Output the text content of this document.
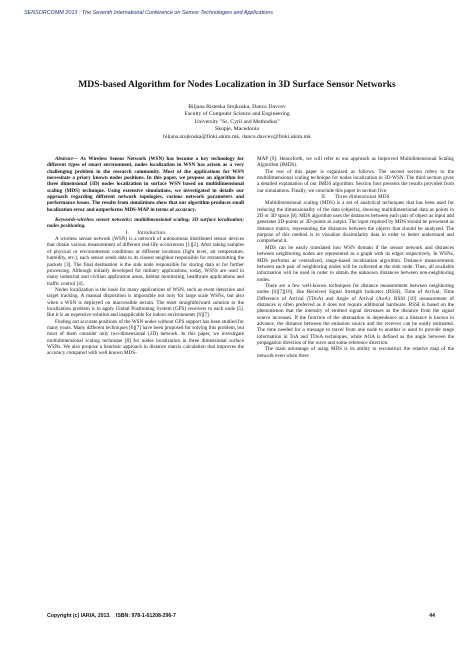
SENSORCOMM 2013 : The Seventh International Conference on Sensor Technologies and Applications
MDS-based Algorithm for Nodes Localization in 3D Surface Sensor Networks
Biljana Risteska Stojkoska, Danco Davcev
Faculty of Computer Science and Engineering
University "Ss. Cyril and Methodius"
Skopje, Macedonia
biljana.stojkoska@finki.ukim.mk, danco.davcev@finki.ukim.mk

Abstract— As Wireless Sensor Network (WSN) has become a key technology for different types of smart environment, nodes localization in WSN has arisen as a very challenging problem in the research community. Most of the applications for WSN necessitate a priory known nodes positions. In this paper, we propose an algorithm for three dimensional (3D) nodes localization in surface WSN based on multidimensional scaling (MDS) technique. Using extensive simulations, we investigated in details our approach regarding different network topologies, various network parameters and performance issues. The results from simulations show that our algorithm produces small localization error and outperforms MDS-MAP in terms of accuracy.

Keywords-wireless sensor networks; multidimensional scaling; 3D surface localization; nodes positioning.

I.  Introduction

A wireless sensor network (WSN) is a network of autonomous distributed sensor devices that obtain various measurement of different real-life occurrences [1][2]. After taking samples of physical or environmental conditions at different locations (light level, air temperature, humidity, etc.), each sensor sends data to its closest neighbor responsible for retransmitting the packets [3]. The final destination is the sink node responsible for storing data or for further processing. Although initially developed for military applications, today, WSNs are used in many industrial and civilian application areas, habitat monitoring, healthcare applications and traffic control [4].

Nodes localization is the basis for many applications of WSN, such as event detection and target tracking. A manual disposition is impossible not only for large scale WSNs, but also when a WSN is deployed on inaccessible terrain. The most straightforward solution to the localization problem is to apply Global Positioning System (GPS) receivers to each node [5]. But it is an expensive solution and inapplicable for indoor environments [6][7].

Finding out accurate positions of the WSN nodes without GPS support has been studied for many years. Many different techniques [6][7] have been proposed for solving this problem, but most of them consider only two-dimensional (2D) network. In this paper, we investigate multidimensional scaling technique [8] for nodes localization in three dimensional surface WSNs. We also propose a heuristic approach in distance matrix calculation that improves the accuracy compared with well known MDS-

MAP [9]. Henceforth, we will refer to our approach as Improved Multidimensional Scaling Algorithm (IMDS).

The rest of this paper is organized as follows. The second section refers to the multidimensional scaling technique for nodes localization in 3D-WSN. The third section gives a detailed explanation of our IMDS algorithm. Section four presents the results provided from our simulations. Finally, we conclude this paper in section five.

II.  Three dimensional MDS

Multidimensional scaling (MDS) is a set of analytical techniques that has been used for reducing the dimensionality of the data (objects), showing multidimensional data as points in 2D or 3D space [8]. MDS algorithm uses the distances between each pair of object as input and generates 2D-points or 3D-points as output. The input required by MDS should be presented as distance matrix, representing the distances between the objects that should be analyzed. The purpose of this method is to visualize dissimilarity data in order to better understand and comprehend it.

MDS can be easily translated into WSN domain if the sensor network and distances between neighboring nodes are represented as a graph with its edges respectively. In WSNs, MDS performs as centralized, range-based localization algorithm. Distance measurements between each pair of neighboring nodes will be collected at the sink node. Then, all available information will be used in order to obtain the unknown distances between non-neighboring nodes.

There are a few well-known techniques for distance measurement between neighboring nodes [6][7][10], like Received Signal Strength Indicator (RSSI), Time of Arrival, Time Difference of Arrival (TDoA) and Angle of Arrival (AoA). RSSI [10] measurement of distances is often preferred as it does not require additional hardware. RSSI is based on the phenomenon that the intensity of emitted signal decreases as the distance from the signal source increases. If the function of the attenuation in dependence on a distance is known in advance, the distance between the emission source and the receiver can be easily estimated. The time needed for a message to travel from one node to another is used to provide range information in ToA and TDoA techniques, while AOA is defined as the angle between the propagation direction of the wave and some reference direction.

The main advantage of using MDS is its ability to reconstruct the relative map of the network even when there

Copyright (c) IARIA, 2013. ISBN: 978-1-61208-296-7	44
